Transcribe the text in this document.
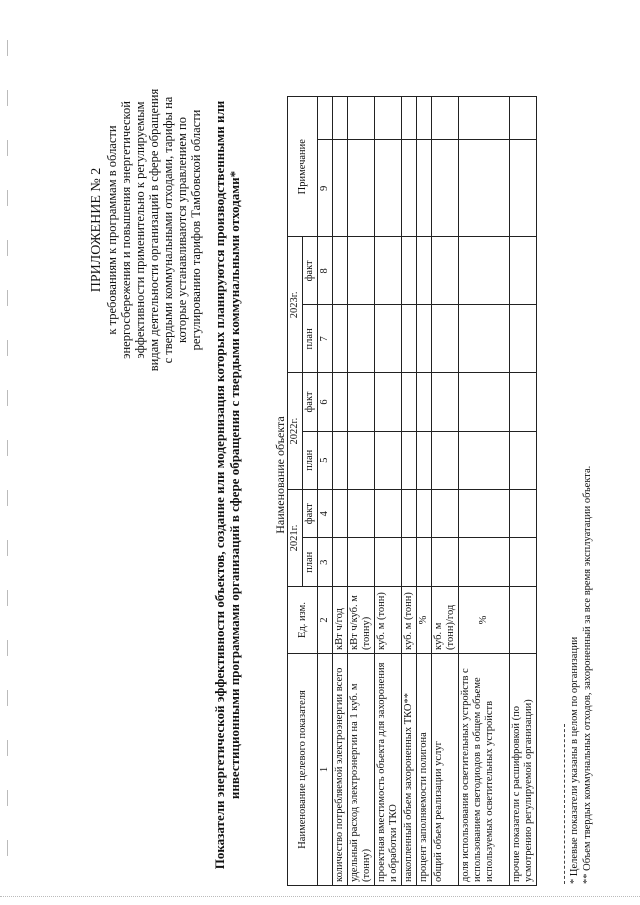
ПРИЛОЖЕНИЕ № 2 к требованиям к программам в области энергосбережения и повышения энергетической эффективности применительно к регулируемым видам деятельности организаций в сфере обращения с твердыми коммунальными отходами, тарифы на которые устанавливаются управлением по регулированию тарифов Тамбовской области Показатели энергетической эффективности объектов, создание или модернизация которых планируются производственными или инвестиционными программами организаций в сфере обращения с твердыми коммунальными отходами*	Наименование объекта
Наименование целевого показателя	Ед. изм.	2021г.		2022г.		2023г.		Примечание	
		план	факт	план	факт	план	факт		
1	2	3	4	5	6	7	8	9	
количество потребляемой электроэнергии всего	кВт ч/год								
удельный расход электроэнергии на 1 куб. м (тонну)	кВт ч/куб. м (тонну)								
проектная вместимость объекта для захоронения и обработки ТКО	куб. м (тонн)								
накопленный объем захороненных ТКО**	куб. м (тонн)								
процент заполняемости полигона	%								
общий объем реализации услуг	куб. м (тонн)/год								
доля использования осветительных устройств с использованием светодиодов в общем объеме используемых осветительных устройств	%								
прочие показатели с расшифровкой (по усмотрению регулируемой организации)										* Целевые показатели указаны в целом по организации ** Объем твердых коммунальных отходов, захороненный за все время эксплуатации объекта.
